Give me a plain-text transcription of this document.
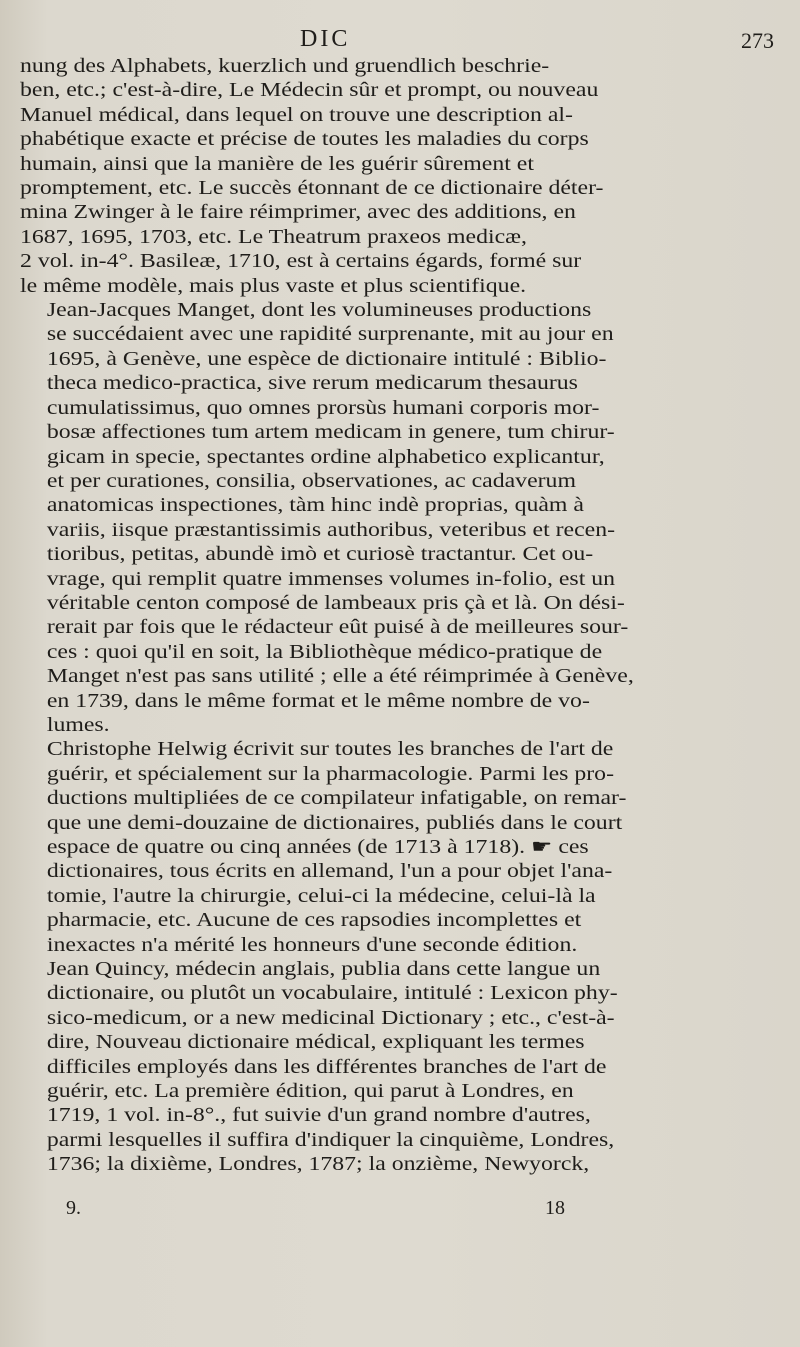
DIC	273

nung des Alphabets, kuerzlich und gruendlich beschrie-
ben, etc.; c'est-à-dire, Le Médecin sûr et prompt, ou nouveau
Manuel médical, dans lequel on trouve une description al-
phabétique exacte et précise de toutes les maladies du corps
humain, ainsi que la manière de les guérir sûrement et
promptement, etc. Le succès étonnant de ce dictionaire déter-
mina Zwinger à le faire réimprimer, avec des additions, en
1687, 1695, 1703, etc. Le Theatrum praxeos medicæ,
2 vol. in-4°. Basileæ, 1710, est à certains égards, formé sur
le même modèle, mais plus vaste et plus scientifique.

Jean-Jacques Manget, dont les volumineuses productions
se succédaient avec une rapidité surprenante, mit au jour en
1695, à Genève, une espèce de dictionaire intitulé : Biblio-
theca medico-practica, sive rerum medicarum thesaurus
cumulatissimus, quo omnes prorsùs humani corporis mor-
bosæ affectiones tum artem medicam in genere, tum chirur-
gicam in specie, spectantes ordine alphabetico explicantur,
et per curationes, consilia, observationes, ac cadaverum
anatomicas inspectiones, tàm hinc indè proprias, quàm à
variis, iisque præstantissimis authoribus, veteribus et recen-
tioribus, petitas, abundè imò et curiosè tractantur. Cet ou-
vrage, qui remplit quatre immenses volumes in-folio, est un
véritable centon composé de lambeaux pris çà et là. On dési-
rerait par fois que le rédacteur eût puisé à de meilleures sour-
ces : quoi qu'il en soit, la Bibliothèque médico-pratique de
Manget n'est pas sans utilité ; elle a été réimprimée à Genève,
en 1739, dans le même format et le même nombre de vo-
lumes.

Christophe Helwig écrivit sur toutes les branches de l'art de
guérir, et spécialement sur la pharmacologie. Parmi les pro-
ductions multipliées de ce compilateur infatigable, on remar-
que une demi-douzaine de dictionaires, publiés dans le court
espace de quatre ou cinq années (de 1713 à 1718). ☛ ces
dictionaires, tous écrits en allemand, l'un a pour objet l'ana-
tomie, l'autre la chirurgie, celui-ci la médecine, celui-là la
pharmacie, etc. Aucune de ces rapsodies incomplettes et
inexactes n'a mérité les honneurs d'une seconde édition.

Jean Quincy, médecin anglais, publia dans cette langue un
dictionaire, ou plutôt un vocabulaire, intitulé : Lexicon phy-
sico-medicum, or a new medicinal Dictionary ; etc., c'est-à-
dire, Nouveau dictionaire médical, expliquant les termes
difficiles employés dans les différentes branches de l'art de
guérir, etc. La première édition, qui parut à Londres, en
1719, 1 vol. in-8°., fut suivie d'un grand nombre d'autres,
parmi lesquelles il suffira d'indiquer la cinquième, Londres,
1736; la dixième, Londres, 1787; la onzième, Newyorck,

9.	18
